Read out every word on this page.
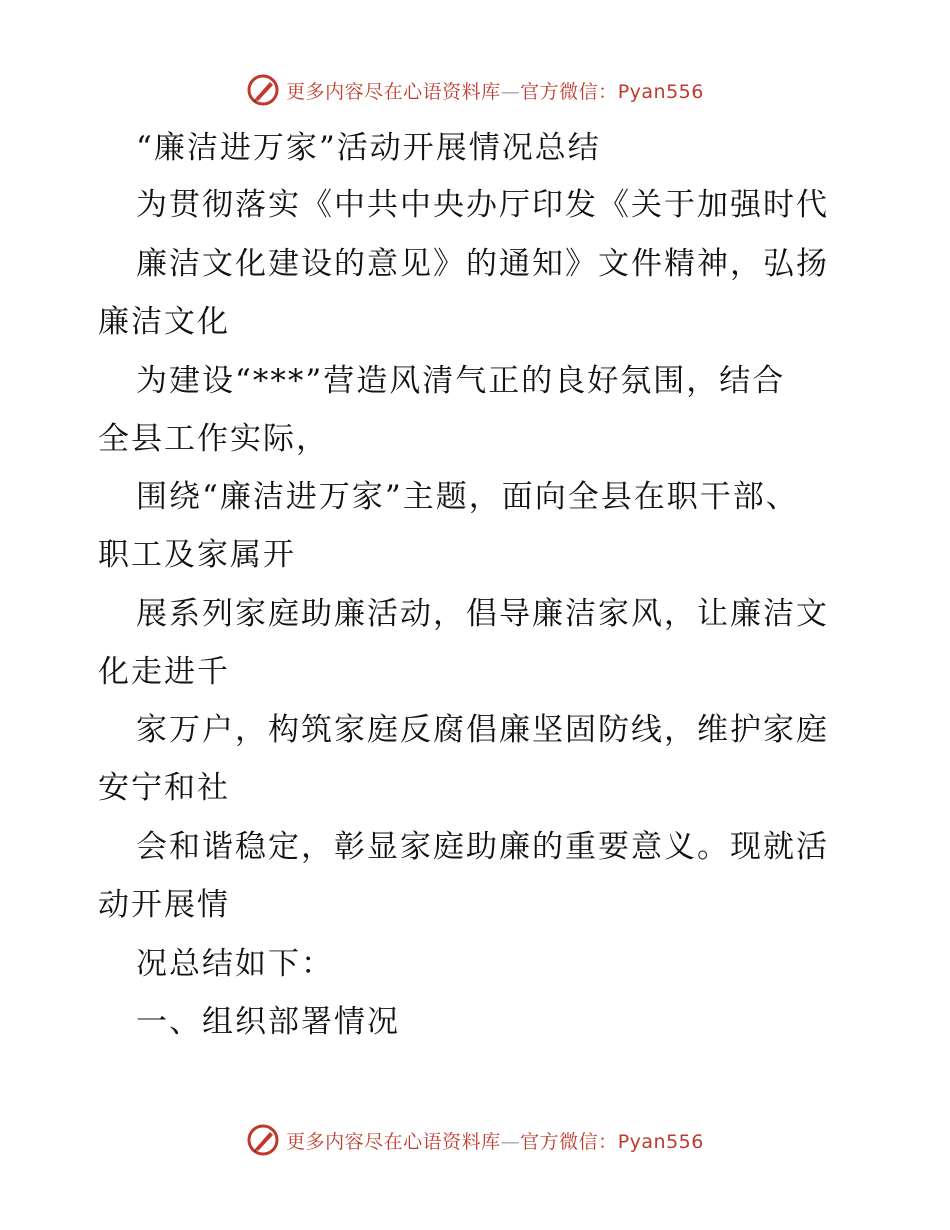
更多内容尽在心语资料库—官方微信：Pyan556
“廉洁进万家”活动开展情况总结
为贯彻落实《中共中央办厅印发《关于加强时代
廉洁文化建设的意见》的通知》文件精神，弘扬
廉洁文化
为建设“***”营造风清气正的良好氛围，结合
全县工作实际，
围绕“廉洁进万家”主题，面向全县在职干部、
职工及家属开
展系列家庭助廉活动，倡导廉洁家风，让廉洁文
化走进千
家万户，构筑家庭反腐倡廉坚固防线，维护家庭
安宁和社
会和谐稳定，彰显家庭助廉的重要意义。现就活
动开展情
况总结如下：
一、组织部署情况
更多内容尽在心语资料库—官方微信：Pyan556
